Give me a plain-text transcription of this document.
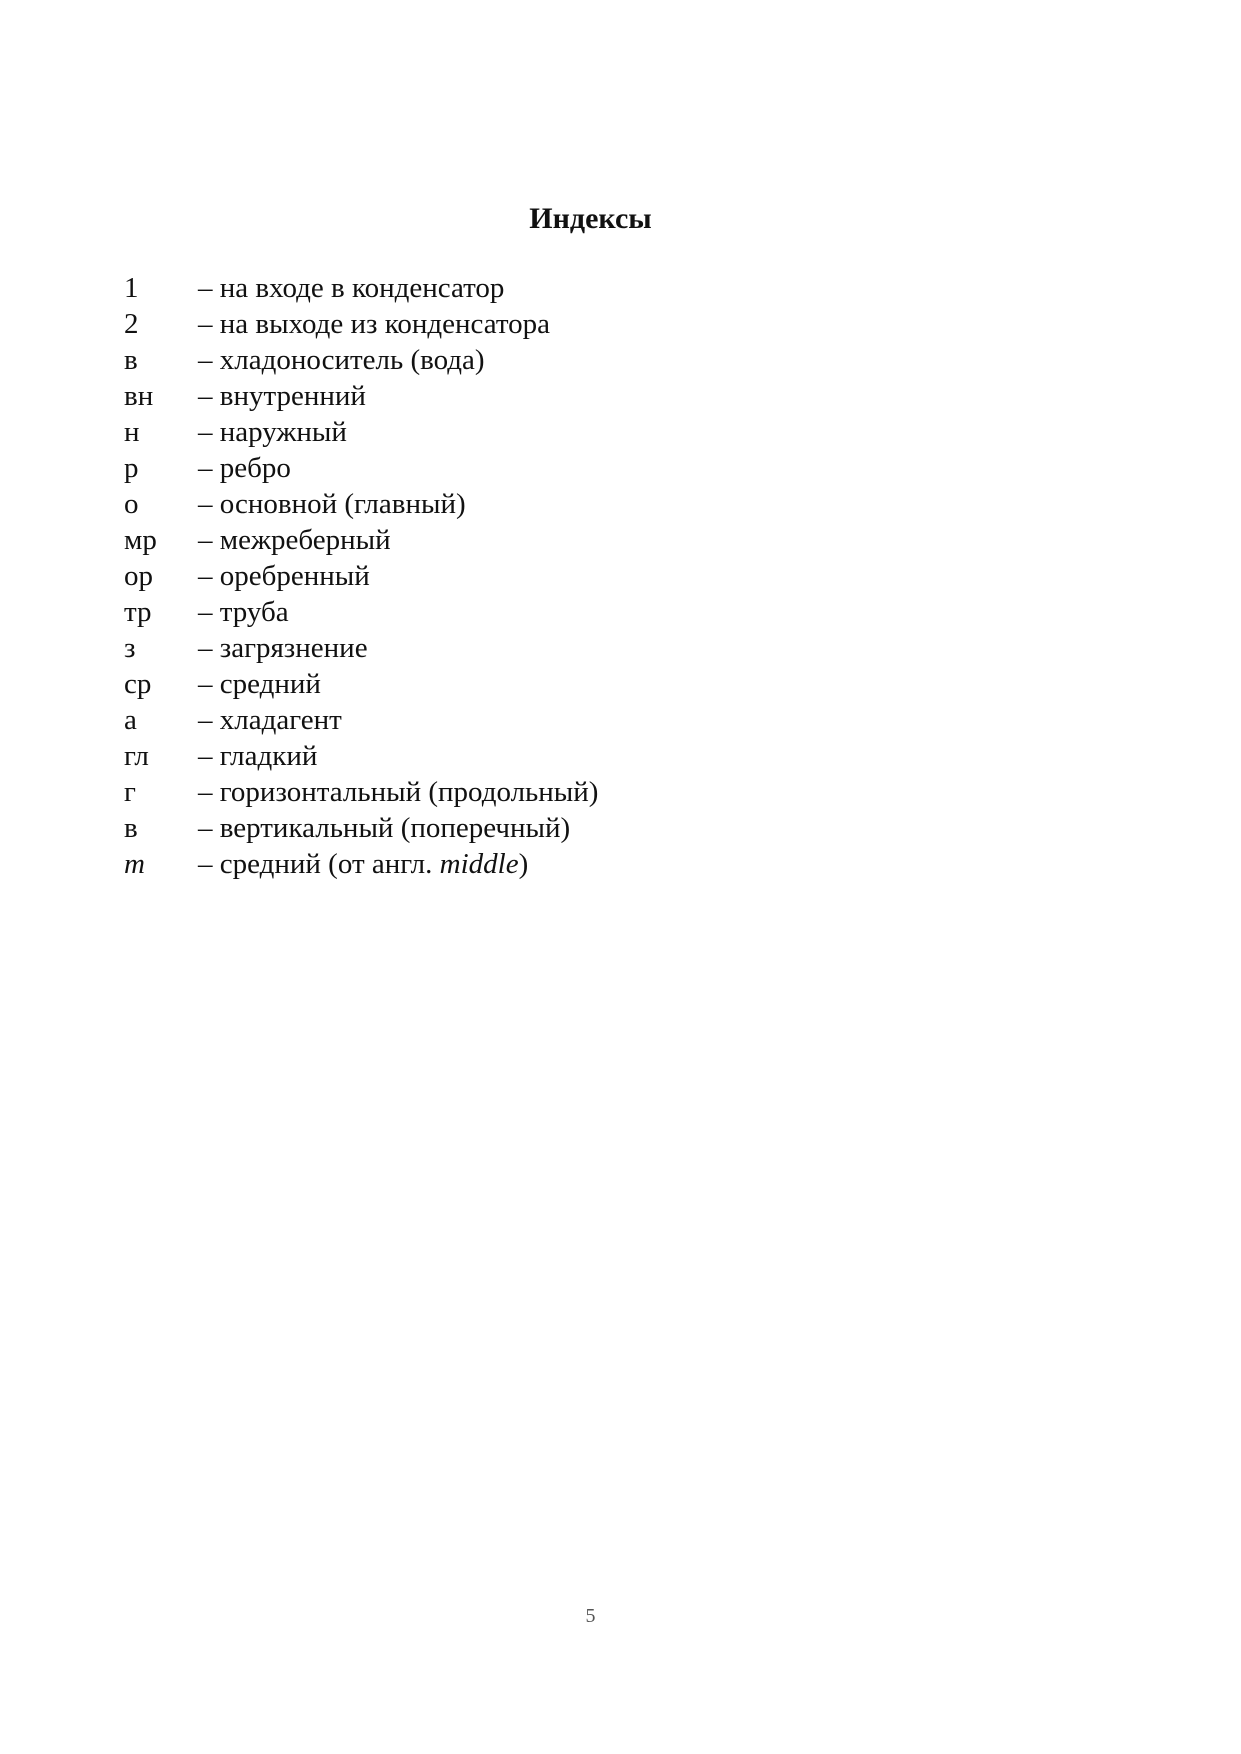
Индексы
1	– на входе в конденсатор
2	– на выходе из конденсатора
в	– хладоноситель (вода)
вн	– внутренний
н	– наружный
р	– ребро
о	– основной (главный)
мр	– межреберный
ор	– оребренный
тр	– труба
з	– загрязнение
ср	– средний
а	– хладагент
гл	– гладкий
г	– горизонтальный (продольный)
в	– вертикальный (поперечный)
m	– средний (от англ. middle)
5
